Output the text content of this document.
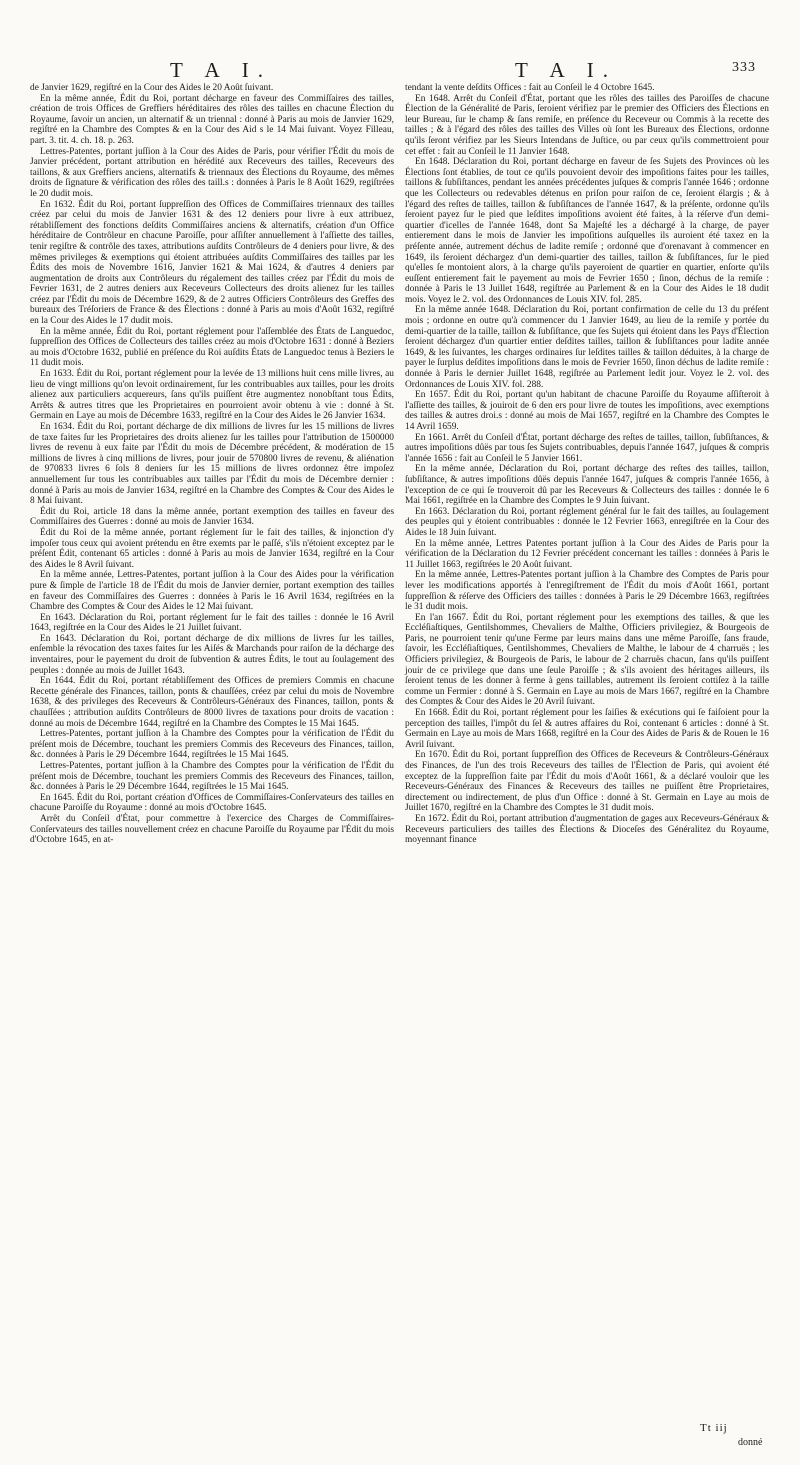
T A I.	T A I.	333

de Janvier 1629, regiſtré en la Cour des Aides le 20 Août ſuivant.

En la même année, Édit du Roi, portant décharge en faveur des Commiſſaires des tailles, création de trois Offices de Greffiers héréditaires des rôles des tailles en chacune Élection du Royaume, ſavoir un ancien, un alternatif & un triennal : donné à Paris au mois de Janvier 1629, regiſtré en la Chambre des Comptes & en la Cour des Aid s le 14 Mai ſuivant. Voyez Filleau, part. 3. tit. 4. ch. 18. p. 263.

Lettres-Patentes, portant juſſion à la Cour des Aides de Paris, pour vérifier l'Édit du mois de Janvier précédent, portant attribution en hérédité aux Receveurs des tailles, Receveurs des taillons, & aux Greffiers anciens, alternatifs & triennaux des Élections du Royaume, des mêmes droits de ſignature & vérification des rôles des taill.s : données à Paris le 8 Août 1629, regiſtrées le 20 dudit mois.

En 1632. Édit du Roi, portant ſuppreſſion des Offices de Commiſſaires triennaux des tailles créez par celui du mois de Janvier 1631 & des 12 deniers pour livre à eux attribuez, rétabliſſement des fonctions deſdits Commiſſaires anciens & alternatifs, création d'un Office héréditaire de Contrôleur en chacune Paroiſſe, pour aſſiſter annuellement à l'aſſiette des tailles, tenir regiſtre & contrôle des taxes, attributions auſdits Contrôleurs de 4 deniers pour livre, & des mêmes privileges & exemptions qui étoient attribuées auſdits Commiſſaires des tailles par les Édits des mois de Novembre 1616, Janvier 1621 & Mai 1624, & d'autres 4 deniers par augmentation de droits aux Contrôleurs du régalement des tailles créez par l'Édit du mois de Fevrier 1631, de 2 autres deniers aux Receveurs Collecteurs des droits alienez ſur les tailles créez par l'Édit du mois de Décembre 1629, & de 2 autres Officiers Contrôleurs des Greffes des bureaux des Tréſoriers de France & des Élections : donné à Paris au mois d'Août 1632, regiſtré en la Cour des Aides le 17 dudit mois.

En la même année, Édit du Roi, portant réglement pour l'aſſemblée des États de Languedoc, ſuppreſſion des Offices de Collecteurs des tailles créez au mois d'Octobre 1631 : donné à Beziers au mois d'Octobre 1632, publié en préſence du Roi auſdits États de Languedoc tenus à Beziers le 11 dudit mois.

En 1633. Édit du Roi, portant réglement pour la levée de 13 millions huit cens mille livres, au lieu de vingt millions qu'on levoit ordinairement, ſur les contribuables aux tailles, pour les droits alienez aux particuliers acquereurs, ſans qu'ils puiſſent être augmentez nonobſtant tous Édits, Arrêts & autres titres que les Proprietaires en pourroient avoir obtenu à vie : donné à St. Germain en Laye au mois de Décembre 1633, regiſtré en la Cour des Aides le 26 Janvier 1634.

En 1634. Édit du Roi, portant décharge de dix millions de livres ſur les 15 millions de livres de taxe faites ſur les Proprietaires des droits alienez ſur les tailles pour l'attribution de 1500000 livres de revenu à eux faite par l'Édit du mois de Décembre précédent, & modération de 15 millions de livres à cinq millions de livres, pour jouir de 570800 livres de revenu, & aliénation de 970833 livres 6 ſols 8 deniers ſur les 15 millions de livres ordonnez être impoſez annuellement ſur tous les contribuables aux tailles par l'Édit du mois de Décembre dernier : donné à Paris au mois de Janvier 1634, regiſtré en la Chambre des Comptes & Cour des Aides le 8 Mai ſuivant.

Édit du Roi, article 18 dans la même année, portant exemption des tailles en faveur des Commiſſaires des Guerres : donné au mois de Janvier 1634.

Édit du Roi de la même année, portant réglement ſur le fait des tailles, & injonction d'y impoſer tous ceux qui avoient prétendu en être exemts par le paſſé, s'ils n'étoient exceptez par le préſent Édit, contenant 65 articles : donné à Paris au mois de Janvier 1634, regiſtré en la Cour des Aides le 8 Avril ſuivant.

En la même année, Lettres-Patentes, portant juſſion à la Cour des Aides pour la vérification pure & ſimple de l'article 18 de l'Édit du mois de Janvier dernier, portant exemption des tailles en faveur des Commiſſaires des Guerres : données à Paris le 16 Avril 1634, regiſtrées en la Chambre des Comptes & Cour des Aides le 12 Mai ſuivant.

En 1643. Déclaration du Roi, portant réglement ſur le fait des tailles : donnée le 16 Avril 1643, regiſtrée en la Cour des Aides le 21 Juillet ſuivant.

En 1643. Déclaration du Roi, portant décharge de dix millions de livres ſur les tailles, enſemble la révocation des taxes faites ſur les Aiſés & Marchands pour raiſon de la décharge des inventaires, pour le payement du droit de ſubvention & autres Édits, le tout au ſoulagement des peuples : donnée au mois de Juillet 1643.

En 1644. Édit du Roi, portant rétabliſſement des Offices de premiers Commis en chacune Recette générale des Finances, taillon, ponts & chauſſées, créez par celui du mois de Novembre 1638, & des privileges des Receveurs & Contrôleurs-Généraux des Finances, taillon, ponts & chauſſées ; attribution auſdits Contrôleurs de 8000 livres de taxations pour droits de vacation : donné au mois de Décembre 1644, regiſtré en la Chambre des Comptes le 15 Mai 1645.

Lettres-Patentes, portant juſſion à la Chambre des Comptes pour la vérification de l'Édit du préſent mois de Décembre, touchant les premiers Commis des Receveurs des Finances, taillon, &c. données à Paris le 29 Décembre 1644, regiſtrées le 15 Mai 1645.

Lettres-Patentes, portant juſſion à la Chambre des Comptes pour la vérification de l'Édit du préſent mois de Décembre, touchant les premiers Commis des Receveurs des Finances, taillon, &c. données à Paris le 29 Décembre 1644, regiſtrées le 15 Mai 1645.

En 1645. Édit du Roi, portant création d'Offices de Commiſſaires-Conſervateurs des tailles en chacune Paroiſſe du Royaume : donné au mois d'Octobre 1645.

Arrêt du Conſeil d'État, pour commettre à l'exercice des Charges de Commiſſaires-Conſervateurs des tailles nouvellement créez en chacune Paroiſſe du Royaume par l'Édit du mois d'Octobre 1645, en at-

tendant la vente deſdits Offices : fait au Conſeil le 4 Octobre 1645.

En 1648. Arrêt du Conſeil d'État, portant que les rôles des tailles des Paroiſſes de chacune Élection de la Généralité de Paris, ſeroient vérifiez par le premier des Officiers des Élections en leur Bureau, ſur le champ & ſans remiſe, en préſence du Receveur ou Commis à la recette des tailles ; & à l'égard des rôles des tailles des Villes où ſont les Bureaux des Élections, ordonne qu'ils ſeront vérifiez par les Sieurs Intendans de Juſtice, ou par ceux qu'ils commettroient pour cet effet : fait au Conſeil le 11 Janvier 1648.

En 1648. Déclaration du Roi, portant décharge en faveur de ſes Sujets des Provinces où les Élections ſont établies, de tout ce qu'ils pouvoient devoir des impoſitions faites pour les tailles, taillons & ſubſiſtances, pendant les années précédentes juſques & compris l'année 1646 ; ordonne que les Collecteurs ou redevables détenus en priſon pour raiſon de ce, ſeroient élargis ; & à l'égard des reſtes de tailles, taillon & ſubſiſtances de l'année 1647, & la préſente, ordonne qu'ils ſeroient payez ſur le pied que leſdites impoſitions avoient été faites, à la réſerve d'un demi-quartier d'icelles de l'année 1648, dont Sa Majeſté les a déchargé à la charge, de payer entierement dans le mois de Janvier les impoſitions auſquelles ils auroient été taxez en la préſente année, autrement déchus de ladite remiſe ; ordonné que d'orenavant à commencer en 1649, ils ſeroient déchargez d'un demi-quartier des tailles, taillon & ſubſiſtances, ſur le pied qu'elles ſe montoient alors, à la charge qu'ils payeroient de quartier en quartier, enſorte qu'ils euſſent entierement fait le payement au mois de Fevrier 1650 ; ſinon, déchus de la remiſe : donnée à Paris le 13 Juillet 1648, regiſtrée au Parlement & en la Cour des Aides le 18 dudit mois. Voyez le 2. vol. des Ordonnances de Louis XIV. fol. 285.

En la même année 1648. Déclaration du Roi, portant confirmation de celle du 13 du préſent mois ; ordonne en outre qu'à commencer du 1 Janvier 1649, au lieu de la remiſe y portée du demi-quartier de la taille, taillon & ſubſiſtance, que ſes Sujets qui étoient dans les Pays d'Élection ſeroient déchargez d'un quartier entier deſdites tailles, taillon & ſubſiſtances pour ladite année 1649, & les ſuivantes, les charges ordinaires ſur leſdites tailles & taillon déduites, à la charge de payer le ſurplus deſdites impoſitions dans le mois de Fevrier 1650, ſinon déchus de ladite remiſe : donnée à Paris le dernier Juillet 1648, regiſtrée au Parlement ledit jour. Voyez le 2. vol. des Ordonnances de Louis XIV. fol. 288.

En 1657. Édit du Roi, portant qu'un habitant de chacune Paroiſſe du Royaume aſſiſteroit à l'aſſiette des tailles, & jouiroit de 6 den ers pour livre de toutes les impoſitions, avec exemptions des tailles & autres droi.s : donné au mois de Mai 1657, regiſtré en la Chambre des Comptes le 14 Avril 1659.

En 1661. Arrêt du Conſeil d'État, portant décharge des reſtes de tailles, taillon, ſubſiſtances, & autres impoſitions dûës par tous ſes Sujets contribuables, depuis l'année 1647, juſques & compris l'année 1656 : fait au Conſeil le 5 Janvier 1661.

En la même année, Déclaration du Roi, portant décharge des reſtes des tailles, taillon, ſubſiſtance, & autres impoſitions dûës depuis l'année 1647, juſques & compris l'année 1656, à l'exception de ce qui ſe trouveroit dû par les Receveurs & Collecteurs des tailles : donnée le 6 Mai 1661, regiſtrée en la Chambre des Comptes le 9 Juin ſuivant.

En 1663. Déclaration du Roi, portant réglement général ſur le fait des tailles, au ſoulagement des peuples qui y étoient contribuables : donnée le 12 Fevrier 1663, enregiſtrée en la Cour des Aides le 18 Juin ſuivant.

En la même année, Lettres Patentes portant juſſion à la Cour des Aides de Paris pour la vérification de la Déclaration du 12 Fevrier précédent concernant les tailles : données à Paris le 11 Juillet 1663, regiſtrées le 20 Août ſuivant.

En la même année, Lettres-Patentes portant juſſion à la Chambre des Comptes de Paris pour lever les modifications apportés à l'enregiſtrement de l'Édit du mois d'Août 1661, portant ſuppreſſion & réſerve des Officiers des tailles : données à Paris le 29 Décembre 1663, regiſtrées le 31 dudit mois.

En l'an 1667. Édit du Roi, portant réglement pour les exemptions des tailles, & que les Eccléſiaſtiques, Gentilshommes, Chevaliers de Malthe, Officiers privilegiez, & Bourgeois de Paris, ne pourroient tenir qu'une Ferme par leurs mains dans une même Paroiſſe, ſans fraude, ſavoir, les Eccléſiaſtiques, Gentilshommes, Chevaliers de Malthe, le labour de 4 charruës ; les Officiers privilegiez, & Bourgeois de Paris, le labour de 2 charruës chacun, ſans qu'ils puiſſent jouir de ce privilege que dans une ſeule Paroiſſe ; & s'ils avoient des héritages ailleurs, ils ſeroient tenus de les donner à ferme à gens taillables, autrement ils ſeroient cottiſez à la taille comme un Fermier : donné à S. Germain en Laye au mois de Mars 1667, regiſtré en la Chambre des Comptes & Cour des Aides le 20 Avril ſuivant.

En 1668. Édit du Roi, portant réglement pour les ſaiſies & exécutions qui ſe faiſoient pour la perception des tailles, l'impôt du ſel & autres affaires du Roi, contenant 6 articles : donné à St. Germain en Laye au mois de Mars 1668, regiſtré en la Cour des Aides de Paris & de Rouen le 16 Avril ſuivant.

En 1670. Édit du Roi, portant ſuppreſſion des Offices de Receveurs & Contrôleurs-Généraux des Finances, de l'un des trois Receveurs des tailles de l'Élection de Paris, qui avoient été exceptez de la ſuppreſſion faite par l'Édit du mois d'Août 1661, & a déclaré vouloir que les Receveurs-Généraux des Finances & Receveurs des tailles ne puiſſent être Proprietaires, directement ou indirectement, de plus d'un Office : donné à St. Germain en Laye au mois de Juillet 1670, regiſtré en la Chambre des Comptes le 31 dudit mois.

En 1672. Édit du Roi, portant attribution d'augmentation de gages aux Receveurs-Généraux & Receveurs particuliers des tailles des Élections & Dioceſes des Généralitez du Royaume, moyennant finance

Tt iij
donné
